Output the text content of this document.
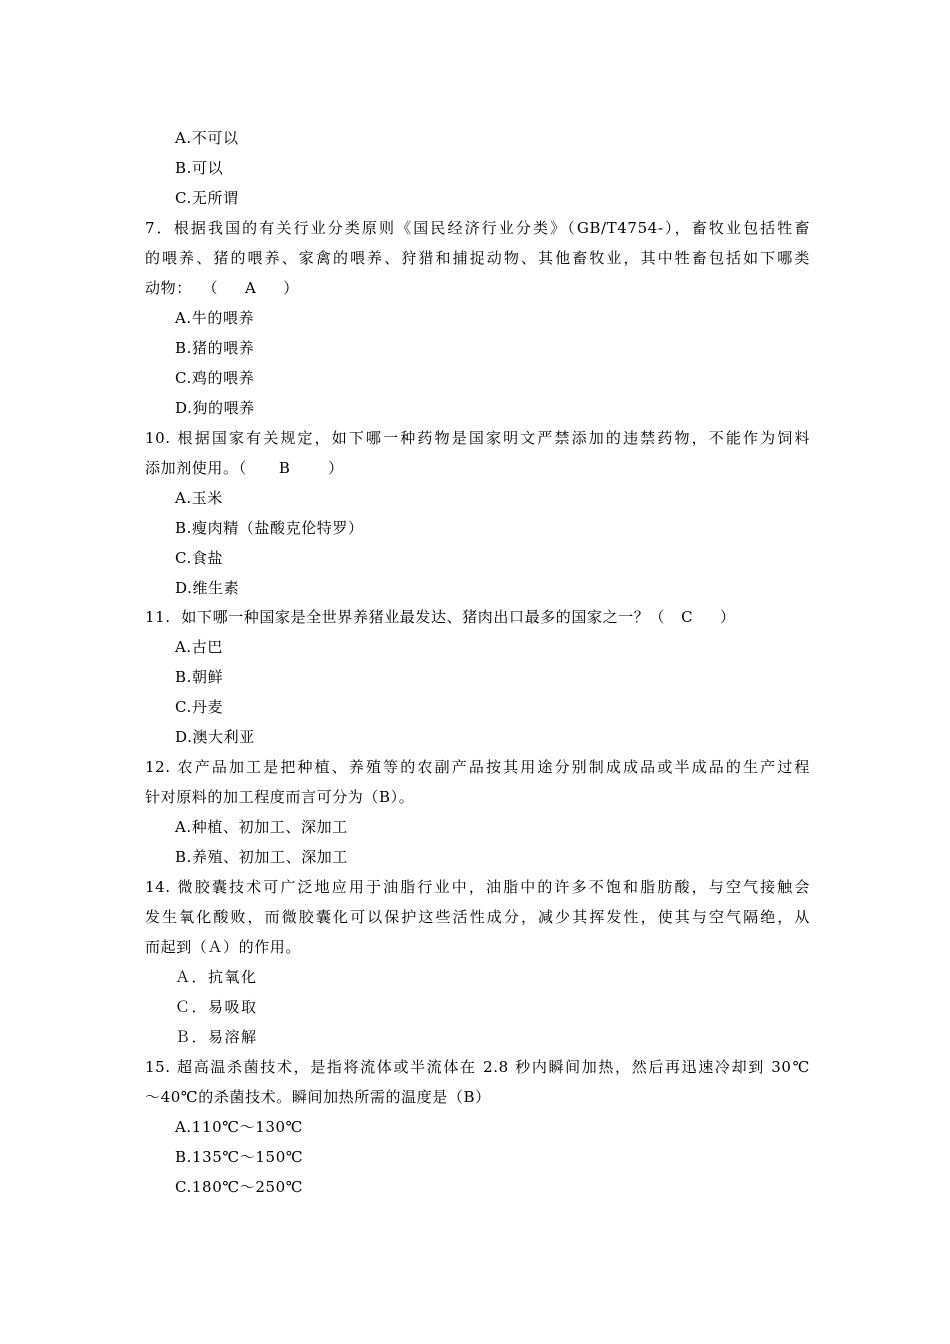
A.不可以
B.可以
C.无所谓
7．根据我国的有关行业分类原则《国民经济行业分类》（GB/T4754-），畜牧业包括牲畜
的喂养、猪的喂养、家禽的喂养、狩猎和捕捉动物、其他畜牧业，其中牲畜包括如下哪类
动物：  （     A     ）
A.牛的喂养
B.猪的喂养
C.鸡的喂养
D.狗的喂养
10. 根据国家有关规定，如下哪一种药物是国家明文严禁添加的违禁药物，不能作为饲料
添加剂使用。（      B       ）
A.玉米
B.瘦肉精（盐酸克伦特罗）
C.食盐
D.维生素
11.  如下哪一种国家是全世界养猪业最发达、猪肉出口最多的国家之一？（   C     ）
A.古巴
B.朝鲜
C.丹麦
D.澳大利亚
12. 农产品加工是把种植、养殖等的农副产品按其用途分别制成成品或半成品的生产过程
针对原料的加工程度而言可分为（B）。
A.种植、初加工、深加工
B.养殖、初加工、深加工
14. 微胶囊技术可广泛地应用于油脂行业中，油脂中的许多不饱和脂肪酸，与空气接触会
发生氧化酸败，而微胶囊化可以保护这些活性成分，减少其挥发性，使其与空气隔绝，从
而起到（Ａ）的作用。
Ａ．抗氧化
Ｃ．易吸取
Ｂ．易溶解
15. 超高温杀菌技术，是指将流体或半流体在 2.8 秒内瞬间加热，然后再迅速冷却到 30℃
～40℃的杀菌技术。瞬间加热所需的温度是（B）
A.110℃～130℃
B.135℃～150℃
C.180℃～250℃
